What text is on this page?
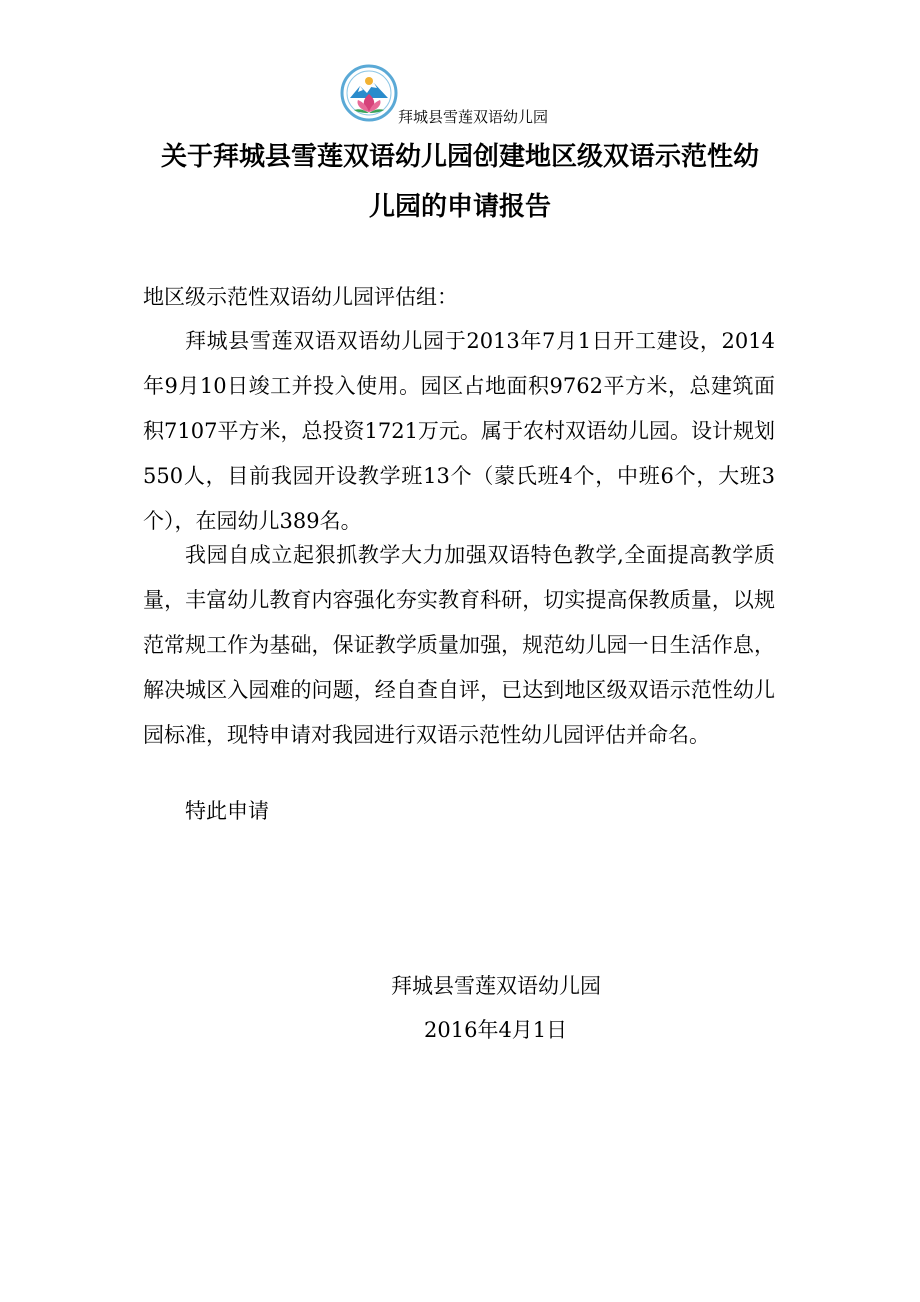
拜城县雪莲双语幼儿园
关于拜城县雪莲双语幼儿园创建地区级双语示范性幼
儿园的申请报告
地区级示范性双语幼儿园评估组：
拜城县雪莲双语双语幼儿园于2013年7月1日开工建设，2014年9月10日竣工并投入使用。园区占地面积9762平方米，总建筑面积7107平方米，总投资1721万元。属于农村双语幼儿园。设计规划550人，目前我园开设教学班13个（蒙氏班4个，中班6个，大班3个），在园幼儿389名。
我园自成立起狠抓教学大力加强双语特色教学,全面提高教学质量，丰富幼儿教育内容强化夯实教育科研，切实提高保教质量，以规范常规工作为基础，保证教学质量加强，规范幼儿园一日生活作息，解决城区入园难的问题，经自查自评，已达到地区级双语示范性幼儿园标准，现特申请对我园进行双语示范性幼儿园评估并命名。
特此申请
拜城县雪莲双语幼儿园
2016年4月1日
